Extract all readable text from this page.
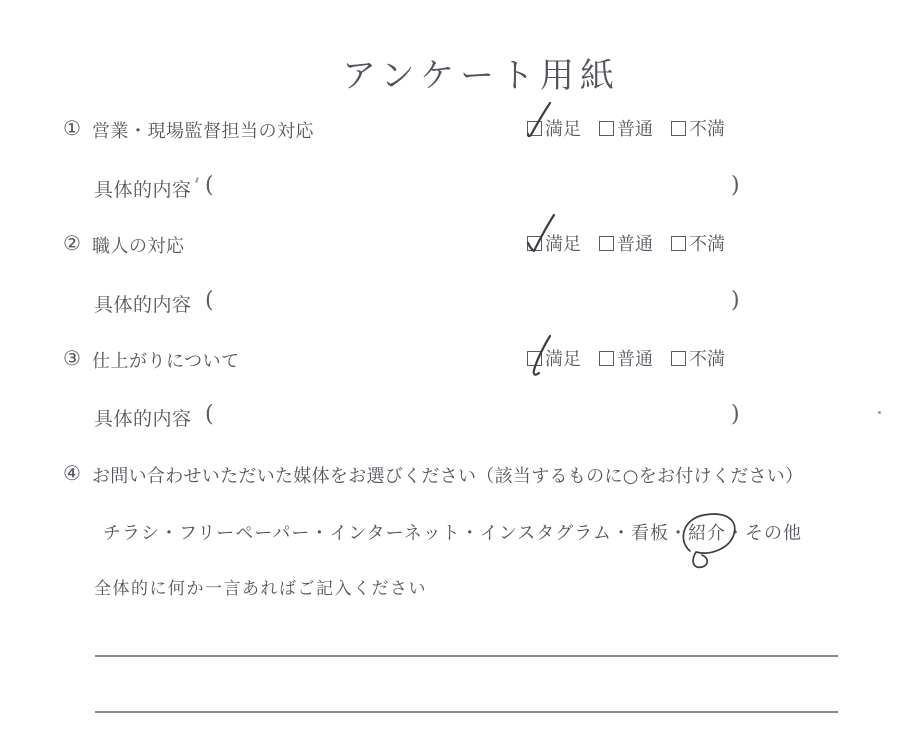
アンケート用紙
① 営業・現場監督担当の対応	満足 普通 不満
具体的内容 (	)
② 職人の対応	満足 普通 不満
具体的内容 (	)
③ 仕上がりについて	満足 普通 不満
具体的内容 (	)
④ お問い合わせいただいた媒体をお選びください（該当するものに○をお付けください）
チラシ ・ フリーペーパー ・ インターネット ・ インスタグラム ・ 看板 ・ 紹介 ・ その他
全体的に何か一言あればご記入ください
